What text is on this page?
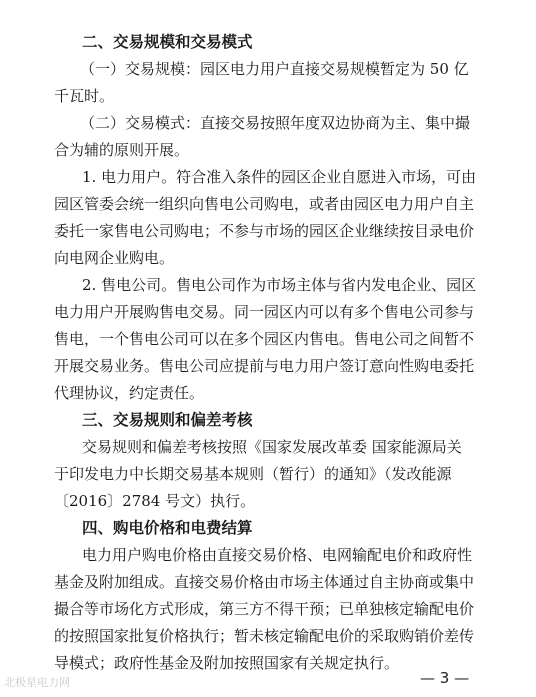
二、交易规模和交易模式
（一）交易规模：园区电力用户直接交易规模暂定为 50 亿
千瓦时。
（二）交易模式：直接交易按照年度双边协商为主、集中撮
合为辅的原则开展。
1. 电力用户。符合准入条件的园区企业自愿进入市场，可由
园区管委会统一组织向售电公司购电，或者由园区电力用户自主
委托一家售电公司购电；不参与市场的园区企业继续按目录电价
向电网企业购电。
2. 售电公司。售电公司作为市场主体与省内发电企业、园区
电力用户开展购售电交易。同一园区内可以有多个售电公司参与
售电，一个售电公司可以在多个园区内售电。售电公司之间暂不
开展交易业务。售电公司应提前与电力用户签订意向性购电委托
代理协议，约定责任。
三、交易规则和偏差考核
交易规则和偏差考核按照《国家发展改革委 国家能源局关
于印发电力中长期交易基本规则（暂行）的通知》（发改能源
〔2016〕2784 号文）执行。
四、购电价格和电费结算
电力用户购电价格由直接交易价格、电网输配电价和政府性
基金及附加组成。直接交易价格由市场主体通过自主协商或集中
撮合等市场化方式形成，第三方不得干预；已单独核定输配电价
的按照国家批复价格执行；暂未核定输配电价的采取购销价差传
导模式；政府性基金及附加按照国家有关规定执行。
— 3 —
北极星电力网
